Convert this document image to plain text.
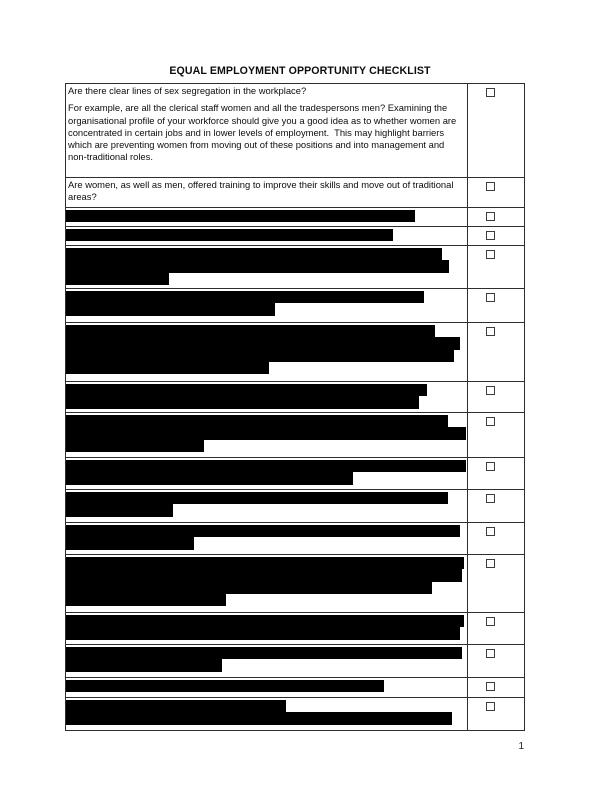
EQUAL EMPLOYMENT OPPORTUNITY CHECKLIST

Are there clear lines of sex segregation in the workplace?

For example, are all the clerical staff women and all the tradespersons men? Examining the organisational profile of your workforce should give you a good idea as to whether women are concentrated in certain jobs and in lower levels of employment.  This may highlight barriers which are preventing women from moving out of these positions and into management and non-traditional roles.

Are women, as well as men, offered training to improve their skills and move out of traditional areas?

1
